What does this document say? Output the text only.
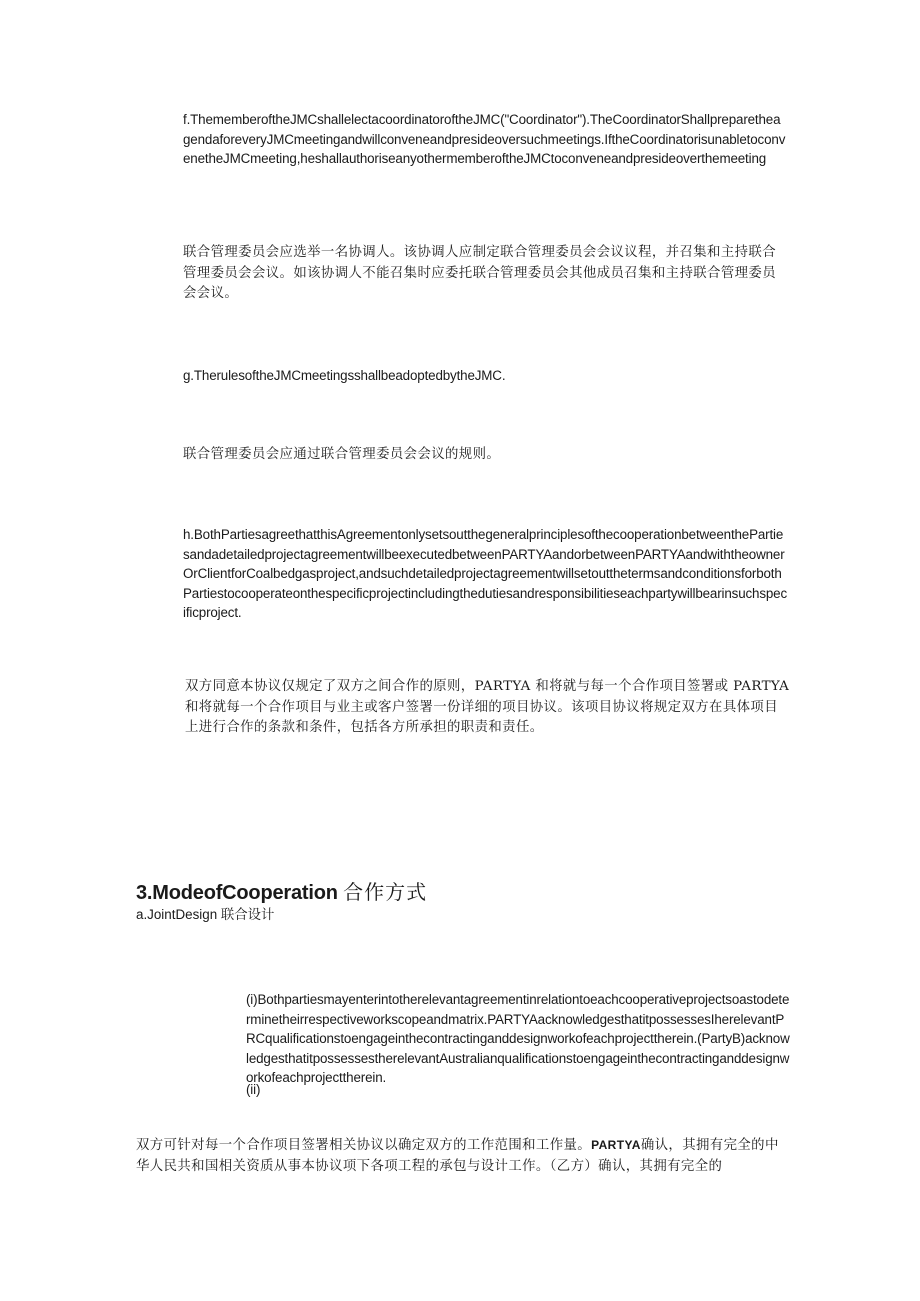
f.ThememberoftheJMCshallelectacoordinatoroftheJMC("Coordinator").TheCoordinatorShallpreparetheagendaforeveryJMCmeetingandwillconveneandpresideoversuchmeetings.IftheCoordinatorisunabletoconvenetheJMCmeeting,heshallauthoriseanyothermemberoftheJMCtoconveneandpresideoverthemeeting

联合管理委员会应选举一名协调人。该协调人应制定联合管理委员会会议议程，并召集和主持联合管理委员会会议。如该协调人不能召集时应委托联合管理委员会其他成员召集和主持联合管理委员会会议。

g.TherulesoftheJMCmeetingsshallbeadoptedbytheJMC.

联合管理委员会应通过联合管理委员会会议的规则。

h.BothPartiesagreethatthisAgreementonlysetsoutthegeneralprinciplesofthecooperationbetweenthePartiesandadetailedprojectagreementwillbeexecutedbetweenPARTYAandorbetweenPARTYAandwiththeownerOrClientforCoalbedgasproject,andsuchdetailedprojectagreementwillsetoutthetermsandconditionsforbothPartiestocooperateonthespecificprojectincludingthedutiesandresponsibilitieseachpartywillbearinsuchspecificproject.

双方同意本协议仅规定了双方之间合作的原则，PARTYA 和将就与每一个合作项目签署或 PARTYA 和将就每一个合作项目与业主或客户签署一份详细的项目协议。该项目协议将规定双方在具体项目上进行合作的条款和条件，包括各方所承担的职责和责任。

3.ModeofCooperation 合作方式
a.JointDesign 联合设计

(i)Bothpartiesmayenterintotherelevantagreementinrelationtoeachcooperativeprojectsoastodeterminetheirrespectiveworkscopeandmatrix.PARTYAacknowledgesthatitpossessesIherelevantPRCqualificationstoengageinthecontractinganddesignworkofeachprojecttherein.(PartyB)acknowledgesthatitpossessestherelevantAustralianqualificationstoengageinthecontractinganddesignworkofeachprojecttherein.

(ii)

双方可针对每一个合作项目签署相关协议以确定双方的工作范围和工作量。PARTYA确认，其拥有完全的中华人民共和国相关资质从事本协议项下各项工程的承包与设计工作。（乙方）确认，其拥有完全的
